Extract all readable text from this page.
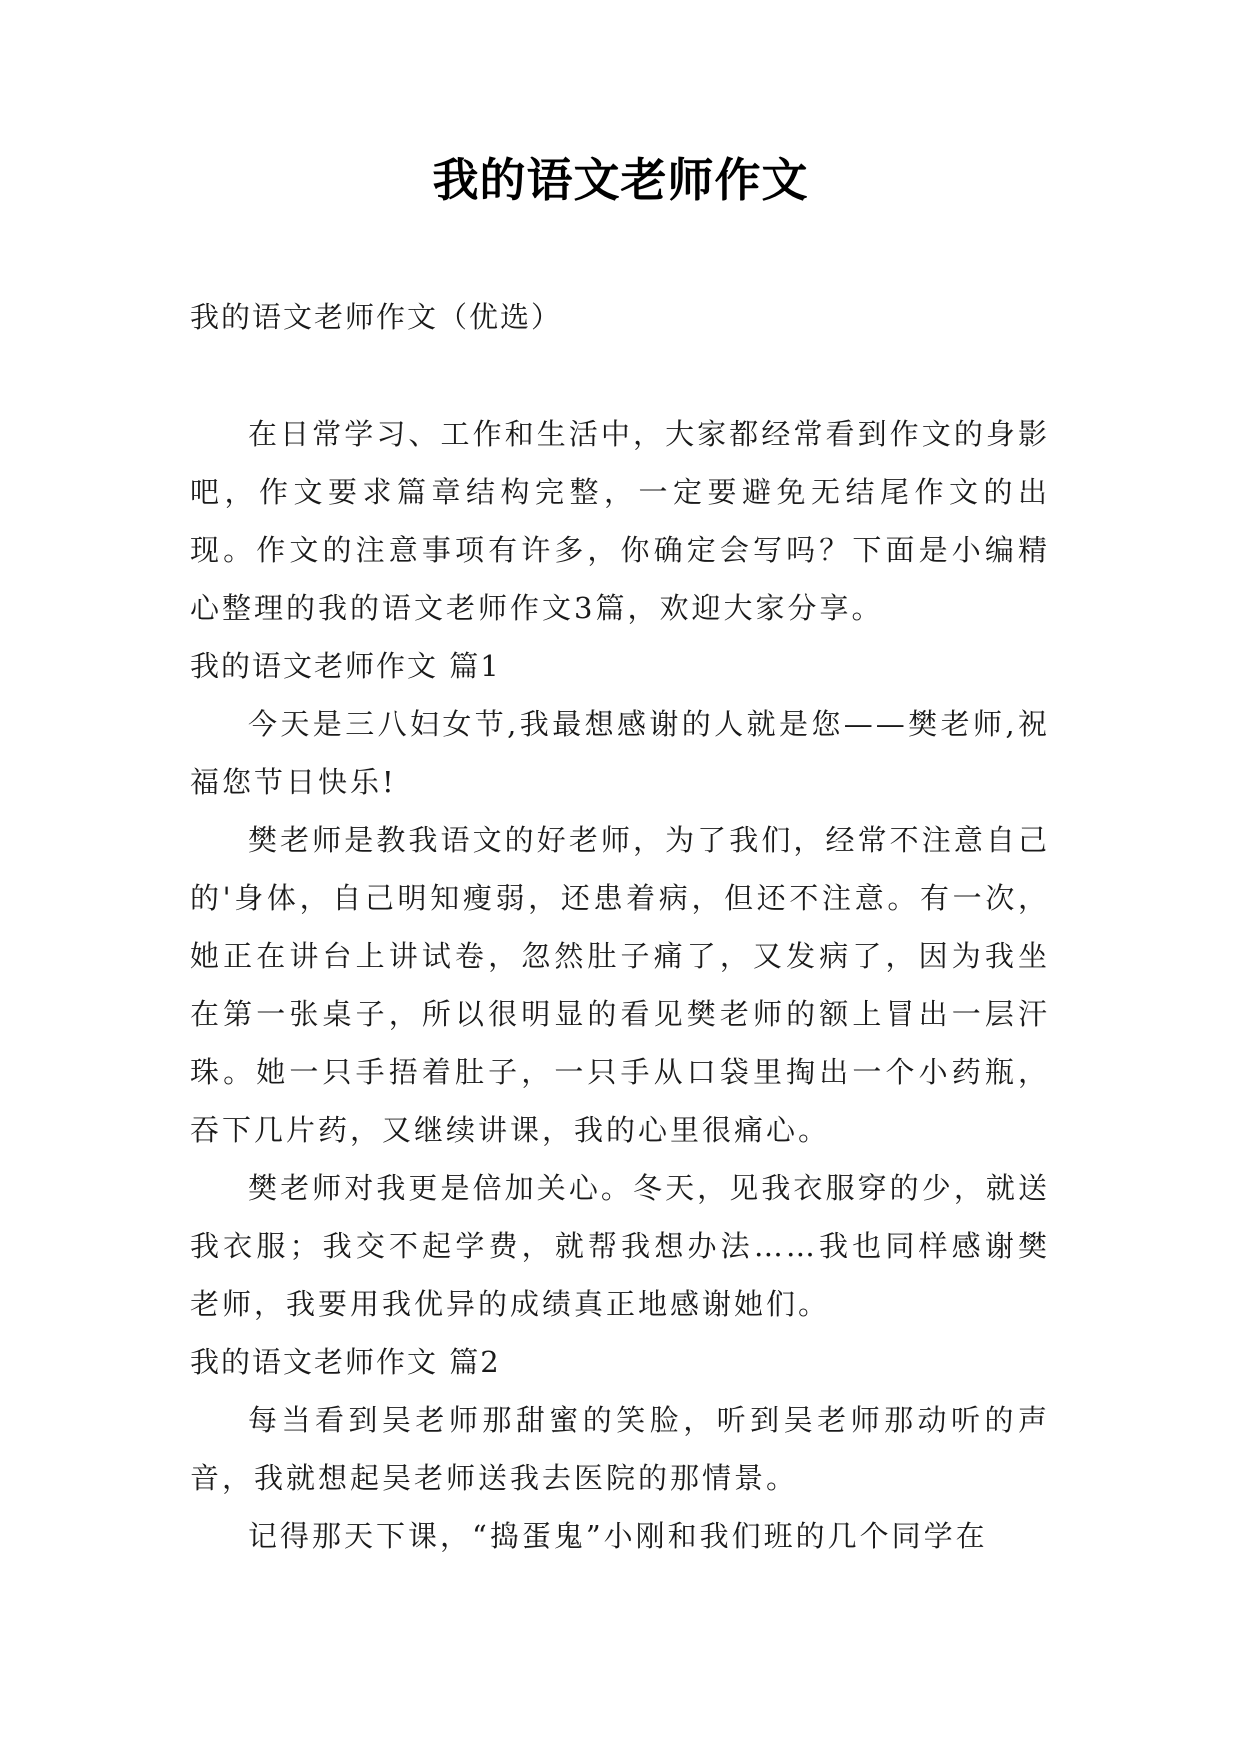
我的语文老师作文

我的语文老师作文（优选）

在日常学习、工作和生活中，大家都经常看到作文的身影吧，作文要求篇章结构完整，一定要避免无结尾作文的出现。作文的注意事项有许多，你确定会写吗？下面是小编精心整理的我的语文老师作文3篇，欢迎大家分享。

我的语文老师作文 篇1

今天是三八妇女节,我最想感谢的人就是您——樊老师,祝福您节日快乐!

樊老师是教我语文的好老师，为了我们，经常不注意自己的'身体，自己明知瘦弱，还患着病，但还不注意。有一次，她正在讲台上讲试卷，忽然肚子痛了，又发病了，因为我坐在第一张桌子，所以很明显的看见樊老师的额上冒出一层汗珠。她一只手捂着肚子，一只手从口袋里掏出一个小药瓶，吞下几片药，又继续讲课，我的心里很痛心。

樊老师对我更是倍加关心。冬天，见我衣服穿的少，就送我衣服；我交不起学费，就帮我想办法……我也同样感谢樊老师，我要用我优异的成绩真正地感谢她们。

我的语文老师作文 篇2

每当看到吴老师那甜蜜的笑脸，听到吴老师那动听的声音，我就想起吴老师送我去医院的那情景。

记得那天下课，“捣蛋鬼”小刚和我们班的几个同学在
